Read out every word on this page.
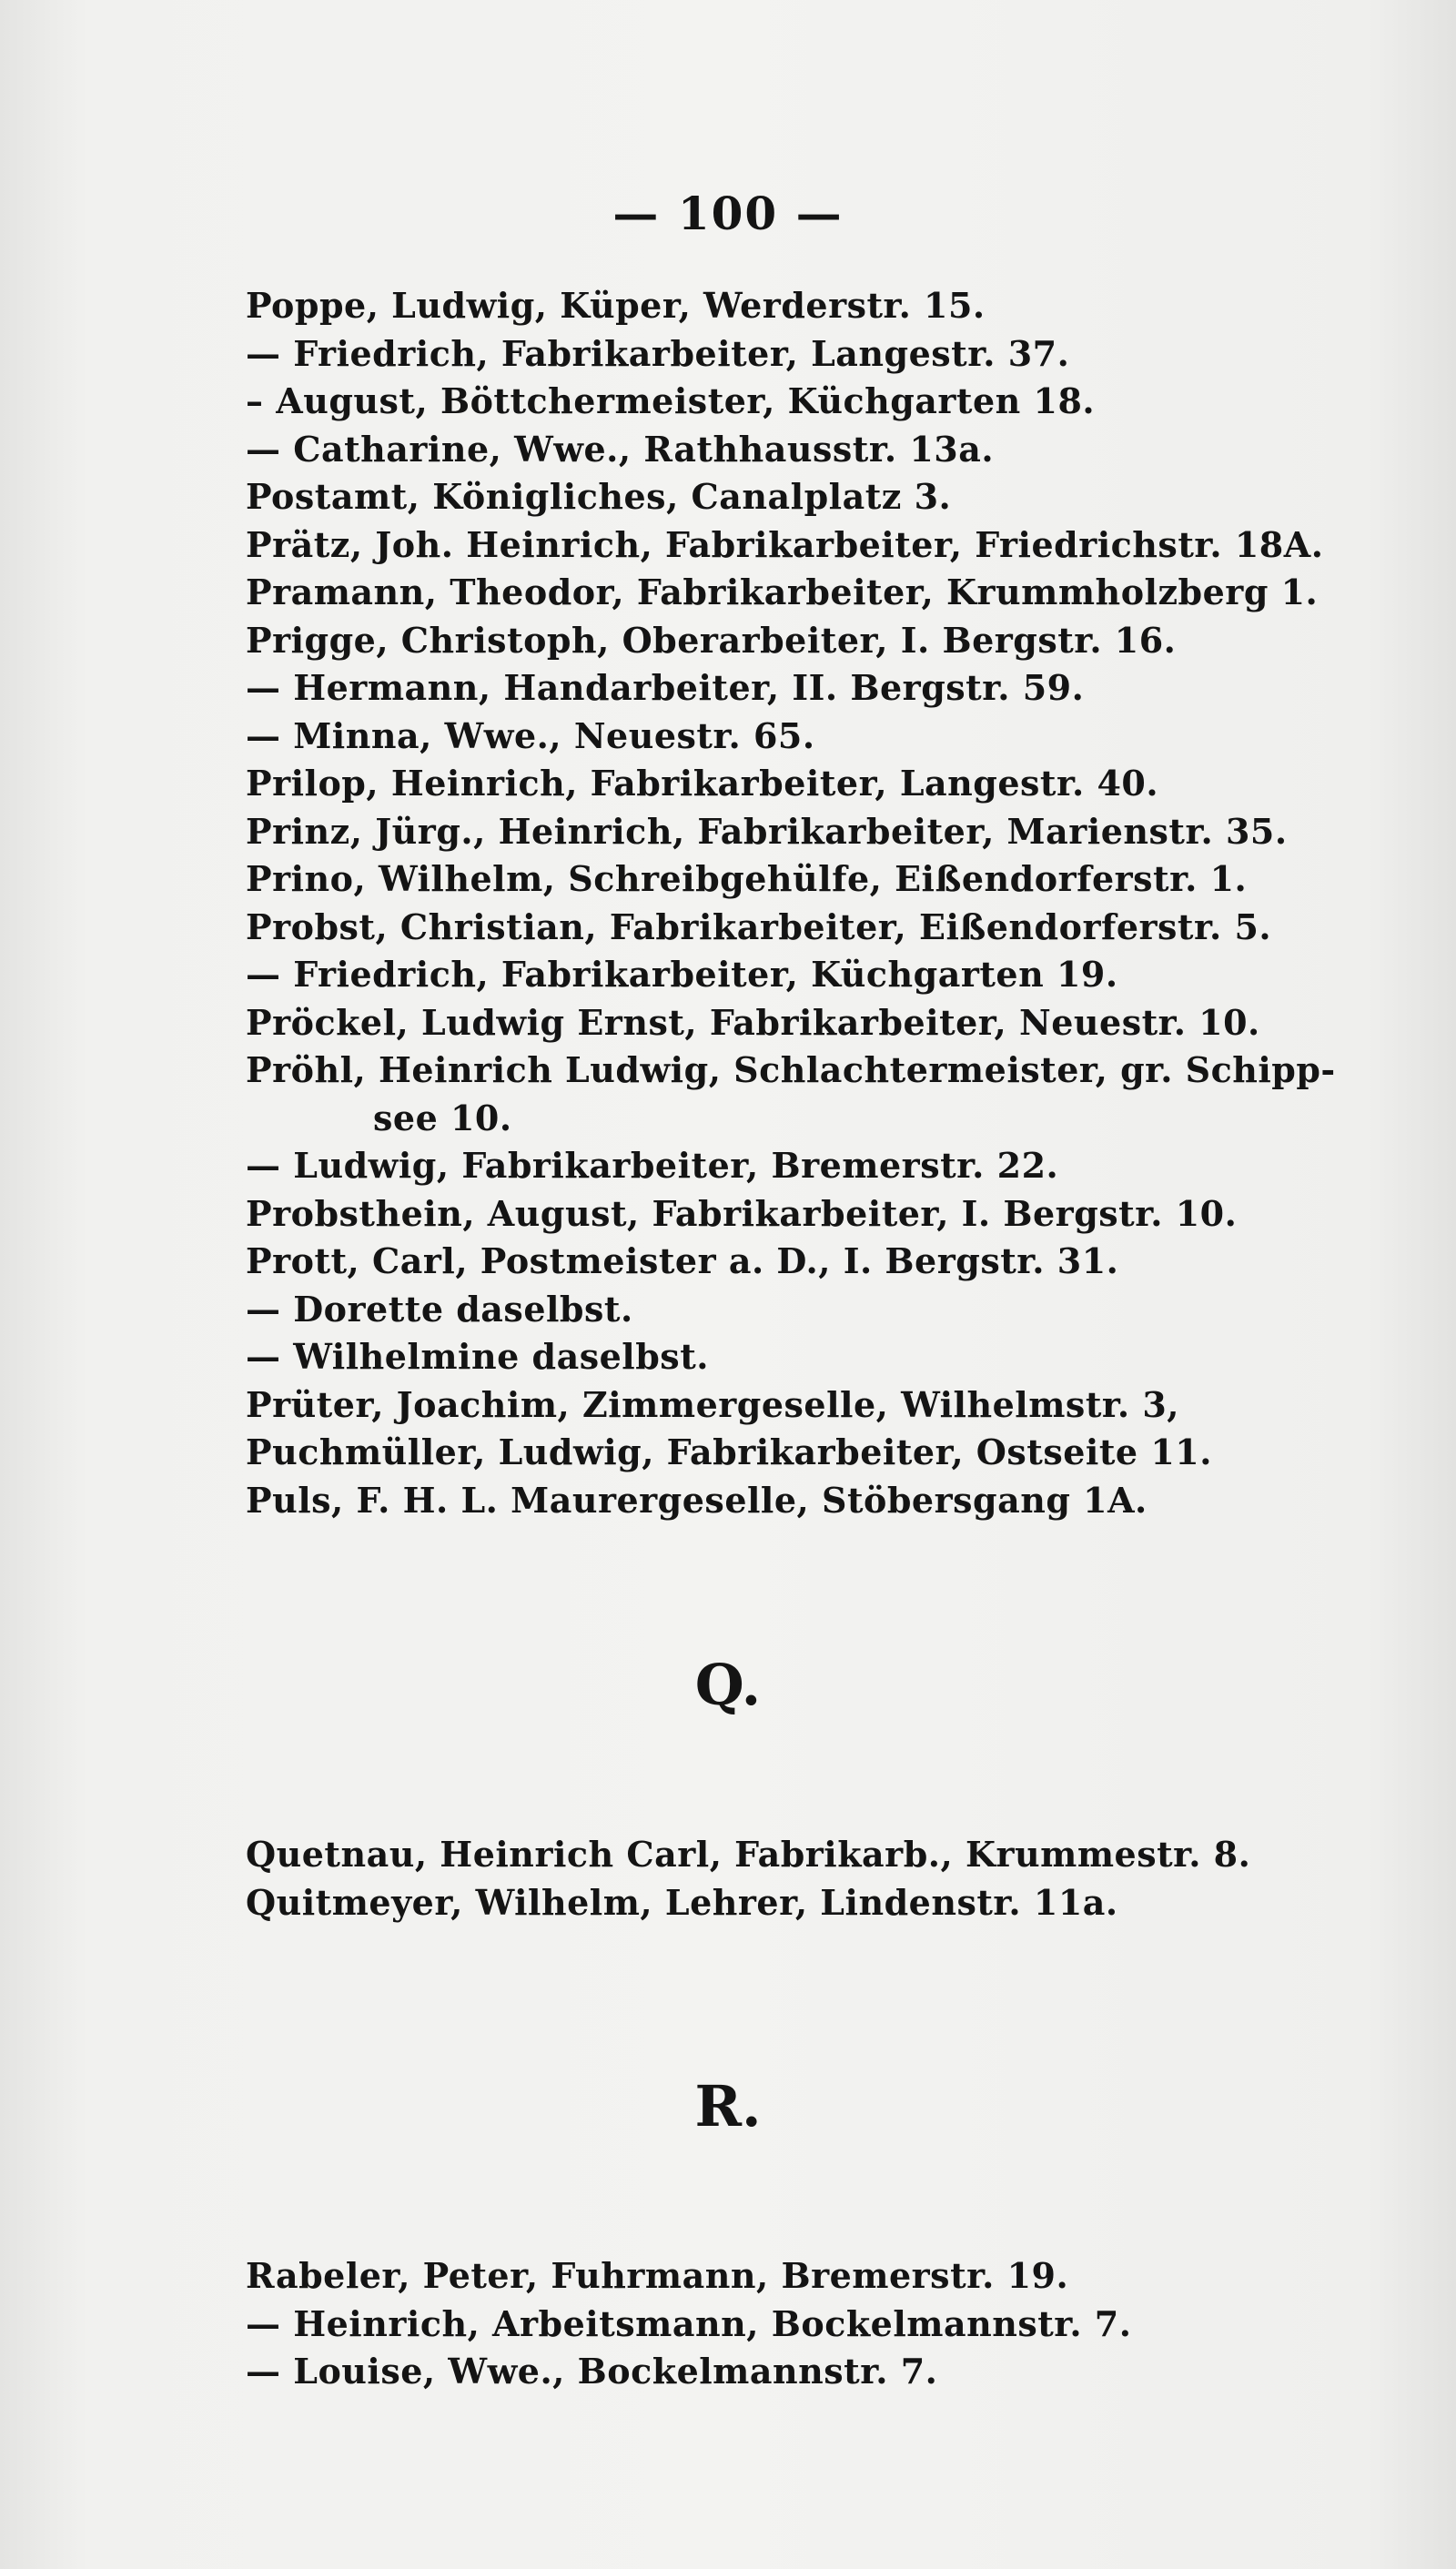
— 100 —
Poppe, Ludwig, Küper, Werderstr. 15.
— Friedrich, Fabrikarbeiter, Langestr. 37.
– August, Böttchermeister, Küchgarten 18.
— Catharine, Wwe., Rathhausstr. 13a.
Postamt, Königliches, Canalplatz 3.
Prätz, Joh. Heinrich, Fabrikarbeiter, Friedrichstr. 18A.
Pramann, Theodor, Fabrikarbeiter, Krummholzberg 1.
Prigge, Christoph, Oberarbeiter, I. Bergstr. 16.
— Hermann, Handarbeiter, II. Bergstr. 59.
— Minna, Wwe., Neuestr. 65.
Prilop, Heinrich, Fabrikarbeiter, Langestr. 40.
Prinz, Jürg., Heinrich, Fabrikarbeiter, Marienstr. 35.
Prino, Wilhelm, Schreibgehülfe, Eißendorferstr. 1.
Probst, Christian, Fabrikarbeiter, Eißendorferstr. 5.
— Friedrich, Fabrikarbeiter, Küchgarten 19.
Pröckel, Ludwig Ernst, Fabrikarbeiter, Neuestr. 10.
Pröhl, Heinrich Ludwig, Schlachtermeister, gr. Schipp-
see 10.
— Ludwig, Fabrikarbeiter, Bremerstr. 22.
Probsthein, August, Fabrikarbeiter, I. Bergstr. 10.
Prott, Carl, Postmeister a. D., I. Bergstr. 31.
— Dorette daselbst.
— Wilhelmine daselbst.
Prüter, Joachim, Zimmergeselle, Wilhelmstr. 3,
Puchmüller, Ludwig, Fabrikarbeiter, Ostseite 11.
Puls, F. H. L. Maurergeselle, Stöbersgang 1A.
Q.
Quetnau, Heinrich Carl, Fabrikarb., Krummestr. 8.
Quitmeyer, Wilhelm, Lehrer, Lindenstr. 11a.
R.
Rabeler, Peter, Fuhrmann, Bremerstr. 19.
— Heinrich, Arbeitsmann, Bockelmannstr. 7.
— Louise, Wwe., Bockelmannstr. 7.
